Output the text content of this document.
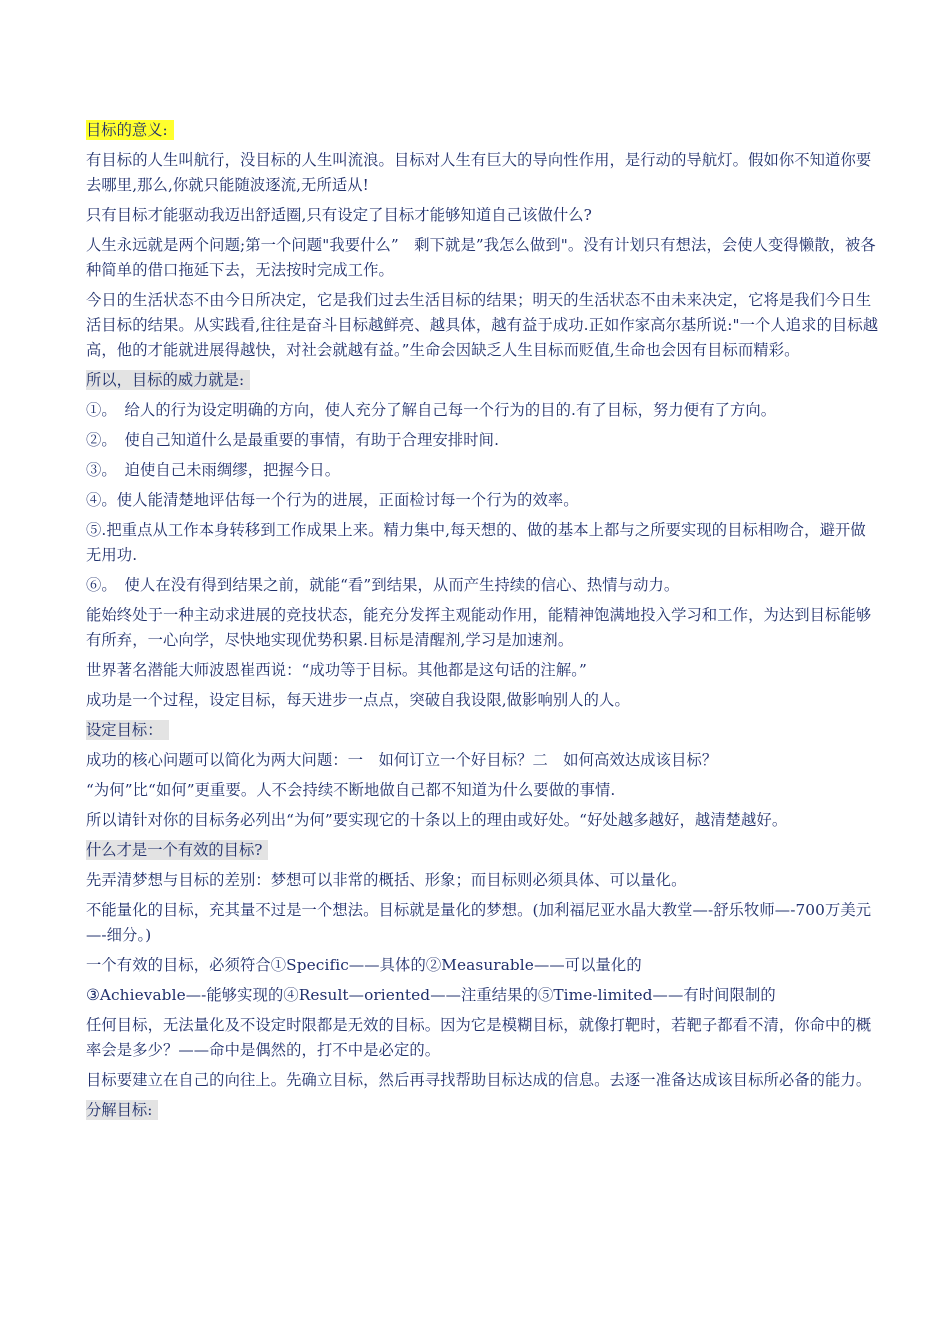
目标的意义:

有目标的人生叫航行，没目标的人生叫流浪。目标对人生有巨大的导向性作用，是行动的导航灯。假如你不知道你要去哪里,那么,你就只能随波逐流,无所适从!

只有目标才能驱动我迈出舒适圈,只有设定了目标才能够知道自己该做什么?

人生永远就是两个问题;第一个问题"我要什么”　剩下就是”我怎么做到"。没有计划只有想法，会使人变得懒散，被各种简单的借口拖延下去，无法按时完成工作。

今日的生活状态不由今日所决定，它是我们过去生活目标的结果；明天的生活状态不由未来决定，它将是我们今日生活目标的结果。从实践看,往往是奋斗目标越鲜亮、越具体，越有益于成功.正如作家高尔基所说:"一个人追求的目标越高，他的才能就进展得越快，对社会就越有益。”生命会因缺乏人生目标而贬值,生命也会因有目标而精彩。

所以，目标的威力就是:

①。　给人的行为设定明确的方向，使人充分了解自己每一个行为的目的.有了目标，努力便有了方向。

②。　使自己知道什么是最重要的事情，有助于合理安排时间.

③。　迫使自己未雨绸缪，把握今日。

④。使人能清楚地评估每一个行为的进展，正面检讨每一个行为的效率。

⑤.把重点从工作本身转移到工作成果上来。精力集中,每天想的、做的基本上都与之所要实现的目标相吻合，避开做无用功.

⑥。　使人在没有得到结果之前，就能“看”到结果，从而产生持续的信心、热情与动力。

能始终处于一种主动求进展的竞技状态，能充分发挥主观能动作用，能精神饱满地投入学习和工作，为达到目标能够有所弃，一心向学，尽快地实现优势积累.目标是清醒剂,学习是加速剂。

世界著名潜能大师波恩崔西说：“成功等于目标。其他都是这句话的注解。”

成功是一个过程，设定目标，每天进步一点点，突破自我设限,做影响别人的人。

设定目标：

成功的核心问题可以简化为两大问题：一　如何订立一个好目标？二　如何高效达成该目标？

“为何”比“如何”更重要。人不会持续不断地做自己都不知道为什么要做的事情.

所以请针对你的目标务必列出“为何”要实现它的十条以上的理由或好处。“好处越多越好，越清楚越好。

什么才是一个有效的目标?

先弄清梦想与目标的差别：梦想可以非常的概括、形象；而目标则必须具体、可以量化。

不能量化的目标，充其量不过是一个想法。目标就是量化的梦想。(加利福尼亚水晶大教堂—-舒乐牧师—-700万美元—-细分。)

一个有效的目标，必须符合①Specific——具体的②Measurable——可以量化的

③Achievable—-能够实现的④Result—oriented——注重结果的⑤Time-limited——有时间限制的

任何目标，无法量化及不设定时限都是无效的目标。因为它是模糊目标，就像打靶时，若靶子都看不清，你命中的概率会是多少？——命中是偶然的，打不中是必定的。

目标要建立在自己的向往上。先确立目标，然后再寻找帮助目标达成的信息。去逐一准备达成该目标所必备的能力。

分解目标:
